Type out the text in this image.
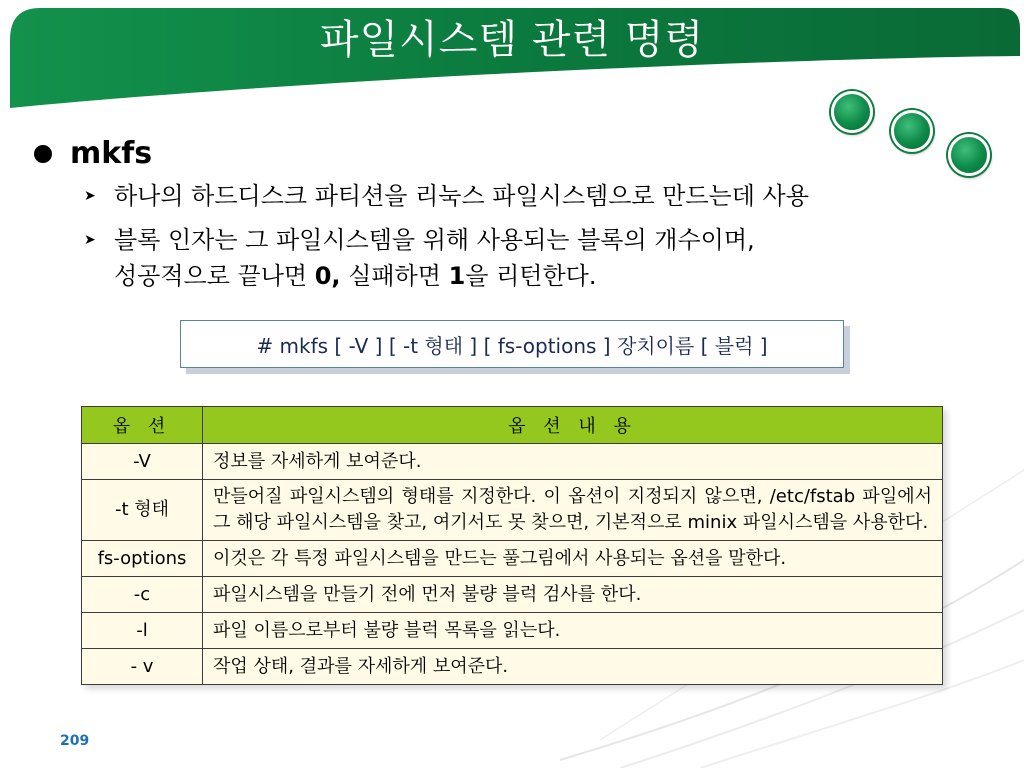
파일시스템 관련 명령
mkfs
➤ 하나의 하드디스크 파티션을 리눅스 파일시스템으로 만드는데 사용
➤ 블록 인자는 그 파일시스템을 위해 사용되는 블록의 개수이며,
성공적으로 끝나면 0, 실패하면 1을 리턴한다.
# mkfs [ -V ] [ -t 형태 ] [ fs-options ] 장치이름 [ 블럭 ]
옵 션	옵 션 내 용
-V	정보를 자세하게 보여준다.
-t 형태	만들어질 파일시스템의 형태를 지정한다. 이 옵션이 지정되지 않으면, /etc/fstab 파일에서 그 해당 파일시스템을 찾고, 여기서도 못 찾으면, 기본적으로 minix 파일시스템을 사용한다.
fs-options	이것은 각 특정 파일시스템을 만드는 풀그림에서 사용되는 옵션을 말한다.
-c	파일시스템을 만들기 전에 먼저 불량 블럭 검사를 한다.
-l	파일 이름으로부터 불량 블럭 목록을 읽는다.
- v	작업 상태, 결과를 자세하게 보여준다.
209
